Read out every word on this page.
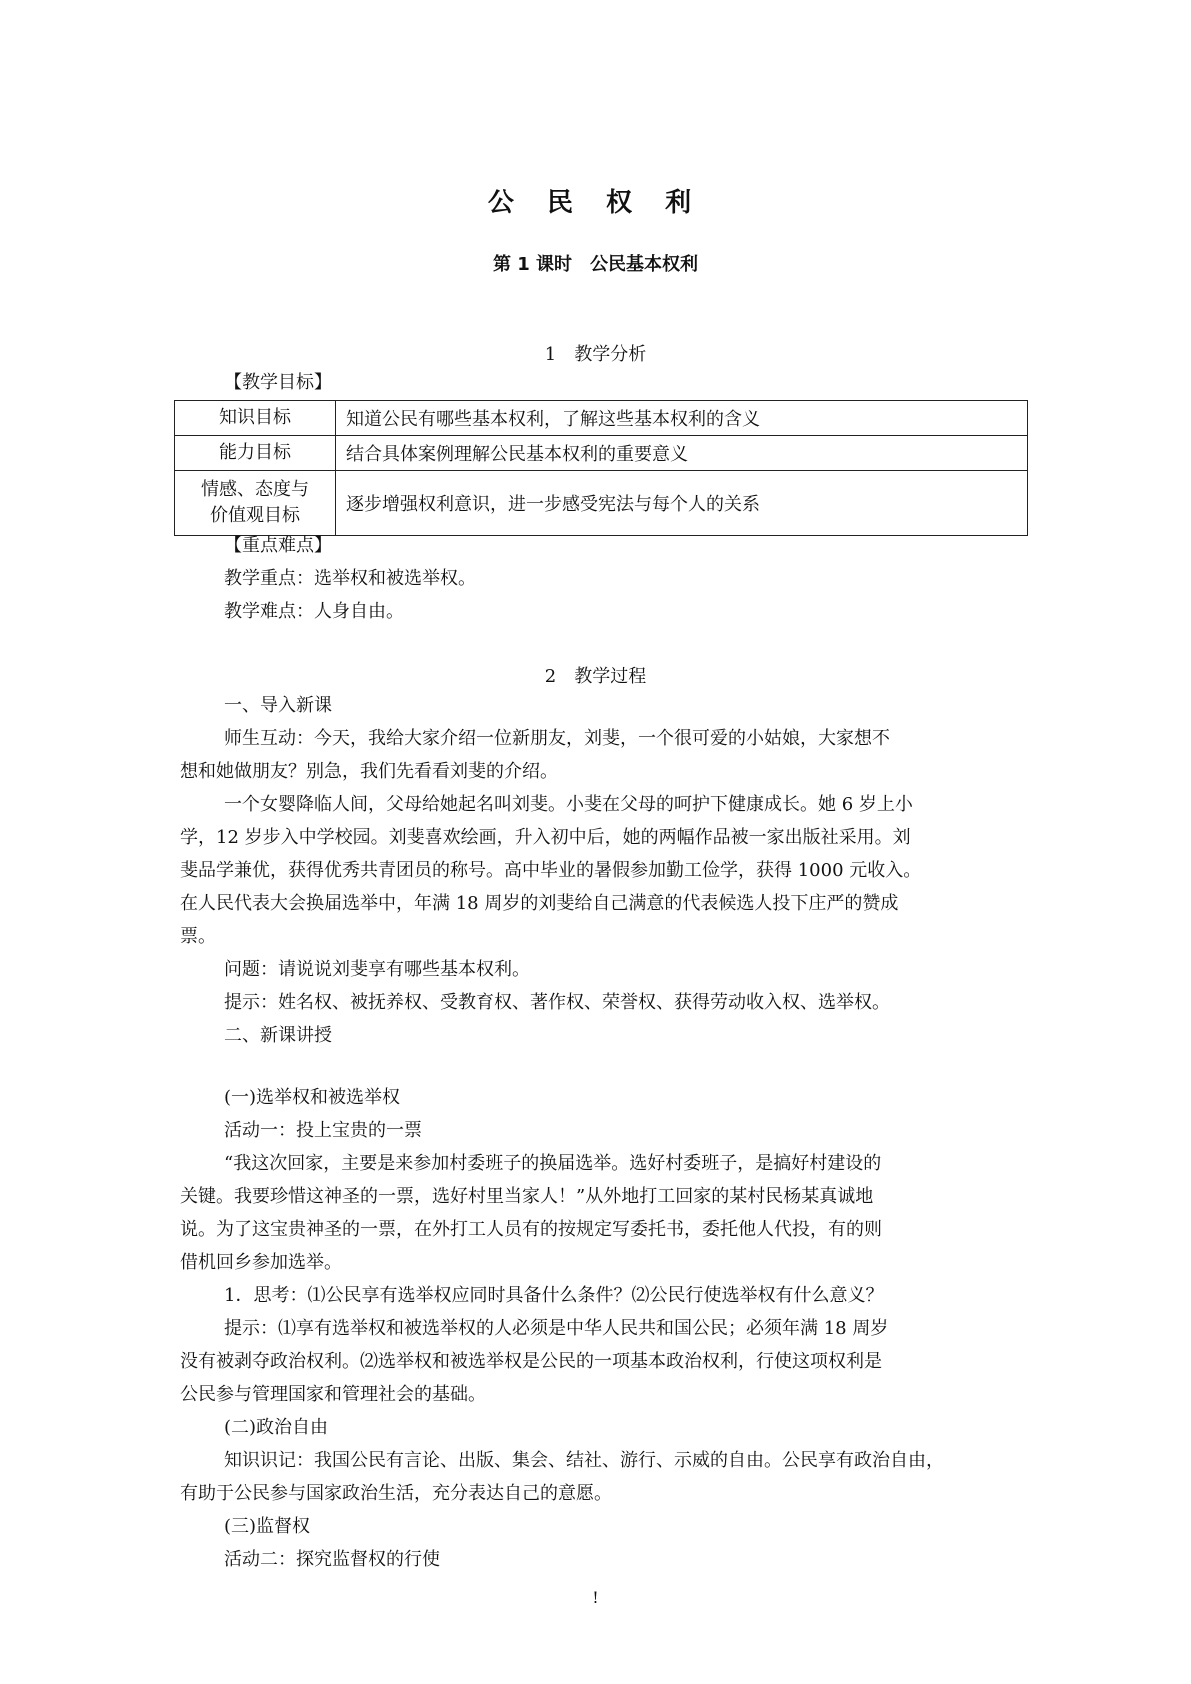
公 民 权 利
第 1 课时　公民基本权利
1　教学分析
【教学目标】
知识目标	知道公民有哪些基本权利，了解这些基本权利的含义
能力目标	结合具体案例理解公民基本权利的重要意义

情感、态度与
价值观目标	逐步增强权利意识，进一步感受宪法与每个人的关系
【重点难点】
教学重点：选举权和被选举权。
教学难点：人身自由。
2　教学过程
一、导入新课
师生互动：今天，我给大家介绍一位新朋友，刘斐，一个很可爱的小姑娘，大家想不
想和她做朋友？别急，我们先看看刘斐的介绍。
一个女婴降临人间，父母给她起名叫刘斐。小斐在父母的呵护下健康成长。她 6 岁上小
学，12 岁步入中学校园。刘斐喜欢绘画，升入初中后，她的两幅作品被一家出版社采用。刘
斐品学兼优，获得优秀共青团员的称号。高中毕业的暑假参加勤工俭学，获得 1000 元收入。
在人民代表大会换届选举中，年满 18 周岁的刘斐给自己满意的代表候选人投下庄严的赞成
票。
问题：请说说刘斐享有哪些基本权利。
提示：姓名权、被抚养权、受教育权、著作权、荣誉权、获得劳动收入权、选举权。
二、新课讲授
(一)选举权和被选举权
活动一：投上宝贵的一票
“我这次回家，主要是来参加村委班子的换届选举。选好村委班子，是搞好村建设的
关键。我要珍惜这神圣的一票，选好村里当家人！”从外地打工回家的某村民杨某真诚地
说。为了这宝贵神圣的一票，在外打工人员有的按规定写委托书，委托他人代投，有的则
借机回乡参加选举。
1．思考：⑴公民享有选举权应同时具备什么条件？⑵公民行使选举权有什么意义？
提示：⑴享有选举权和被选举权的人必须是中华人民共和国公民；必须年满 18 周岁
没有被剥夺政治权利。⑵选举权和被选举权是公民的一项基本政治权利，行使这项权利是
公民参与管理国家和管理社会的基础。
(二)政治自由
知识识记：我国公民有言论、出版、集会、结社、游行、示威的自由。公民享有政治自由，
有助于公民参与国家政治生活，充分表达自己的意愿。
(三)监督权
活动二：探究监督权的行使
!
